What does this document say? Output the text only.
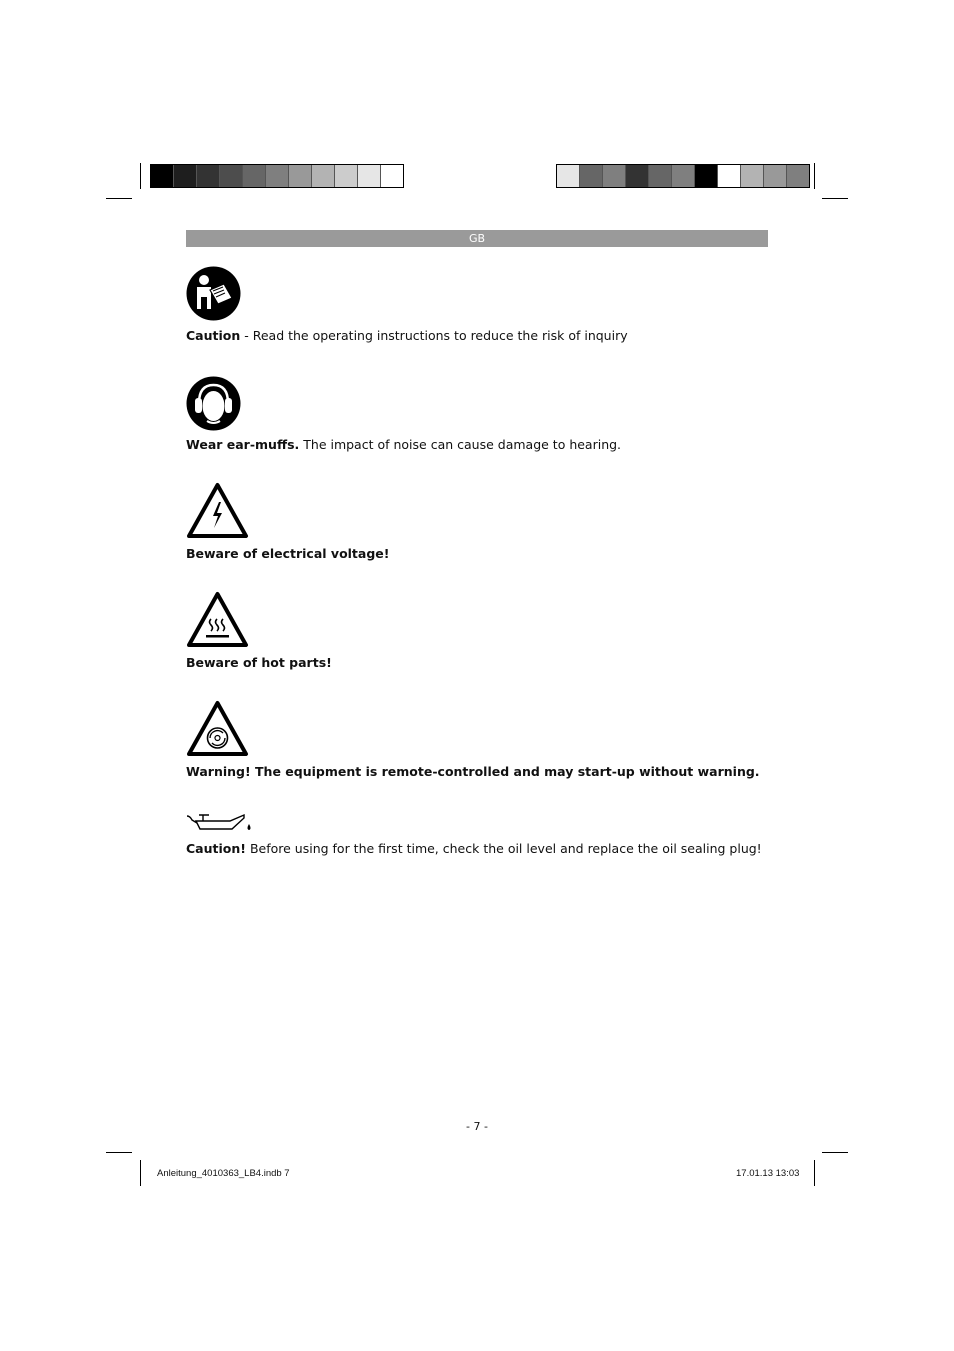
GB
Caution - Read the operating instructions to reduce the risk of inquiry
Wear ear-muffs. The impact of noise can cause damage to hearing.
Beware of electrical voltage!
Beware of hot parts!
Warning! The equipment is remote-controlled and may start-up without warning.
Caution! Before using for the first time, check the oil level and replace the oil sealing plug!
- 7 -
Anleitung_4010363_LB4.indb 7	17.01.13 13:03
